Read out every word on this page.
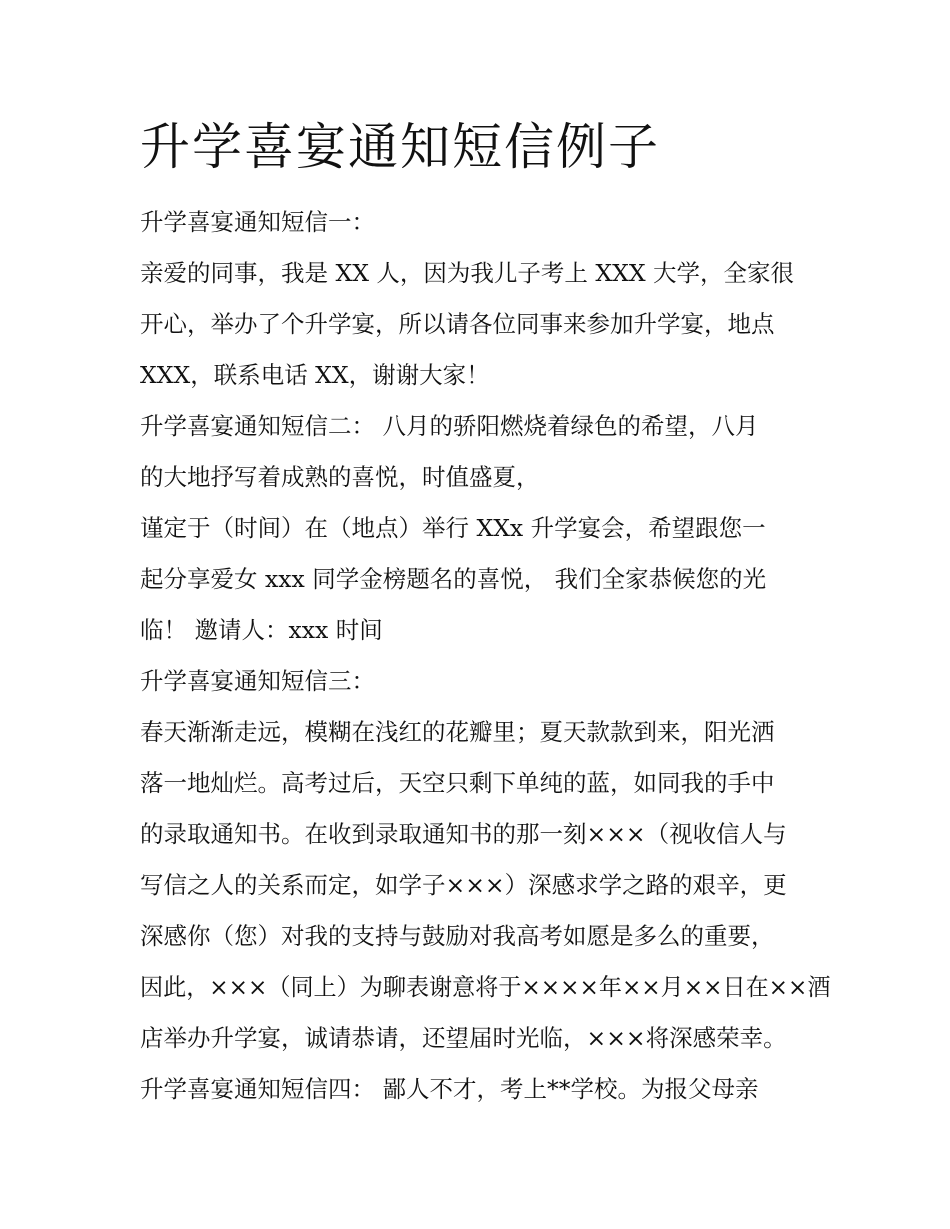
升学喜宴通知短信例子

升学喜宴通知短信一：

亲爱的同事，我是 XX 人，因为我儿子考上 XXX 大学，全家很

开心，举办了个升学宴，所以请各位同事来参加升学宴，地点

XXX，联系电话 XX，谢谢大家！

升学喜宴通知短信二： 八月的骄阳燃烧着绿色的希望，八月

的大地抒写着成熟的喜悦，时值盛夏，

谨定于（时间）在（地点）举行 XXx 升学宴会，希望跟您一

起分享爱女 xxx 同学金榜题名的喜悦， 我们全家恭候您的光

临！ 邀请人：xxx 时间

升学喜宴通知短信三：

春天渐渐走远，模糊在浅红的花瓣里；夏天款款到来，阳光洒

落一地灿烂。高考过后，天空只剩下单纯的蓝，如同我的手中

的录取通知书。在收到录取通知书的那一刻×××（视收信人与

写信之人的关系而定，如学子×××）深感求学之路的艰辛，更

深感你（您）对我的支持与鼓励对我高考如愿是多么的重要，

因此，×××（同上）为聊表谢意将于××××年××月××日在××酒

店举办升学宴，诚请恭请，还望届时光临，×××将深感荣幸。

升学喜宴通知短信四： 鄙人不才，考上**学校。为报父母亲
